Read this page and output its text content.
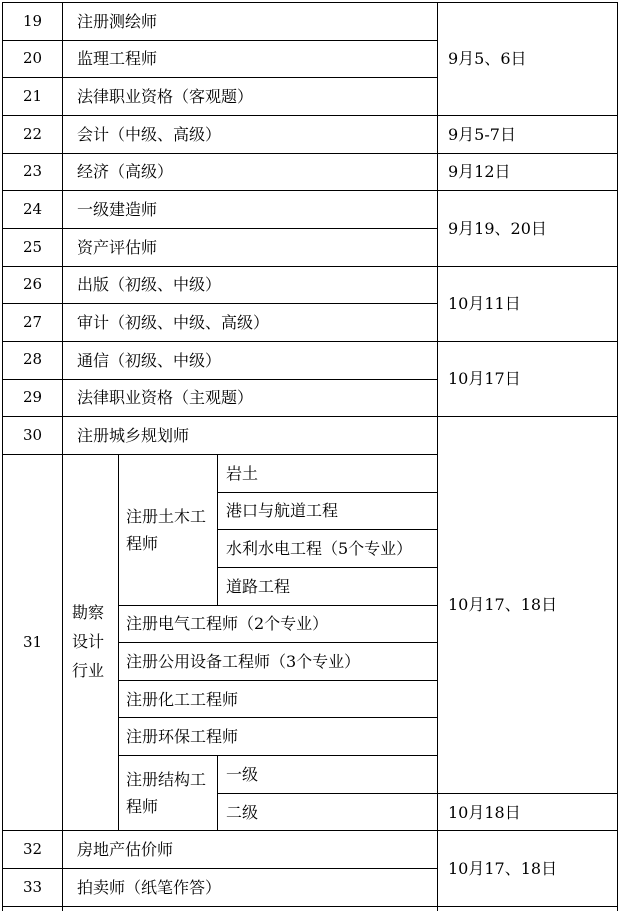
19	注册测绘师			9月5、6日
20	监理工程师			
21	法律职业资格（客观题）			
22	会计（中级、高级）			9月5-7日
23	经济（高级）			9月12日
24	一级建造师			9月19、20日
25	资产评估师			
26	出版（初级、中级）			10月11日
27	审计（初级、中级、高级）			
28	通信（初级、中级）			10月17日
29	法律职业资格（主观题）			
30	注册城乡规划师			10月17、18日
31	勘察设计行业	注册土木工程师	岩土	
			港口与航道工程	
			水利水电工程（5个专业）	
			道路工程	
		注册电气工程师（2个专业）		
		注册公用设备工程师（3个专业）		
		注册化工工程师		
		注册环保工程师		
		注册结构工程师	一级	
			二级	10月18日
32	房地产估价师			10月17、18日
33	拍卖师（纸笔作答）			
